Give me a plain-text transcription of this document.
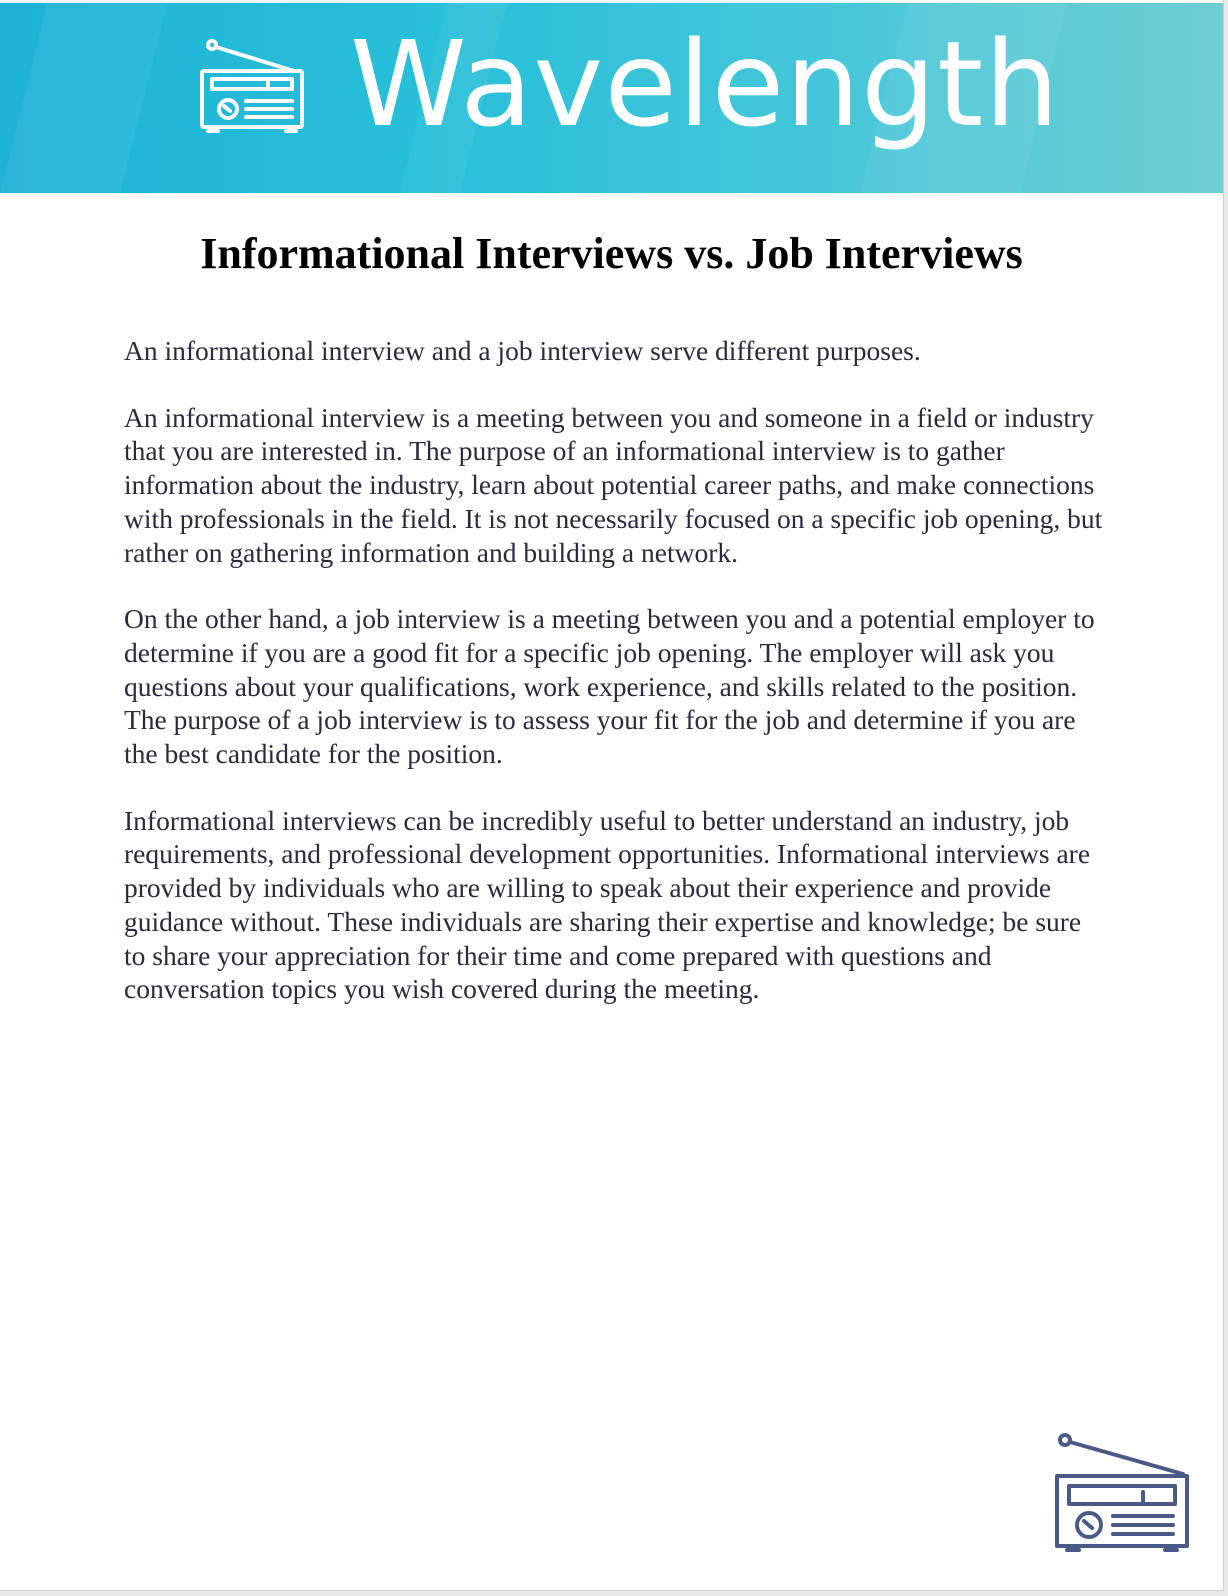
Wavelength
Informational Interviews vs. Job Interviews

An informational interview and a job interview serve different purposes.

An informational interview is a meeting between you and someone in a field or industry that you are interested in. The purpose of an informational interview is to gather information about the industry, learn about potential career paths, and make connections with professionals in the field. It is not necessarily focused on a specific job opening, but rather on gathering information and building a network.

On the other hand, a job interview is a meeting between you and a potential employer to determine if you are a good fit for a specific job opening. The employer will ask you questions about your qualifications, work experience, and skills related to the position. The purpose of a job interview is to assess your fit for the job and determine if you are the best candidate for the position.

Informational interviews can be incredibly useful to better understand an industry, job requirements, and professional development opportunities. Informational interviews are provided by individuals who are willing to speak about their experience and provide guidance without. These individuals are sharing their expertise and knowledge; be sure to share your appreciation for their time and come prepared with questions and conversation topics you wish covered during the meeting.
